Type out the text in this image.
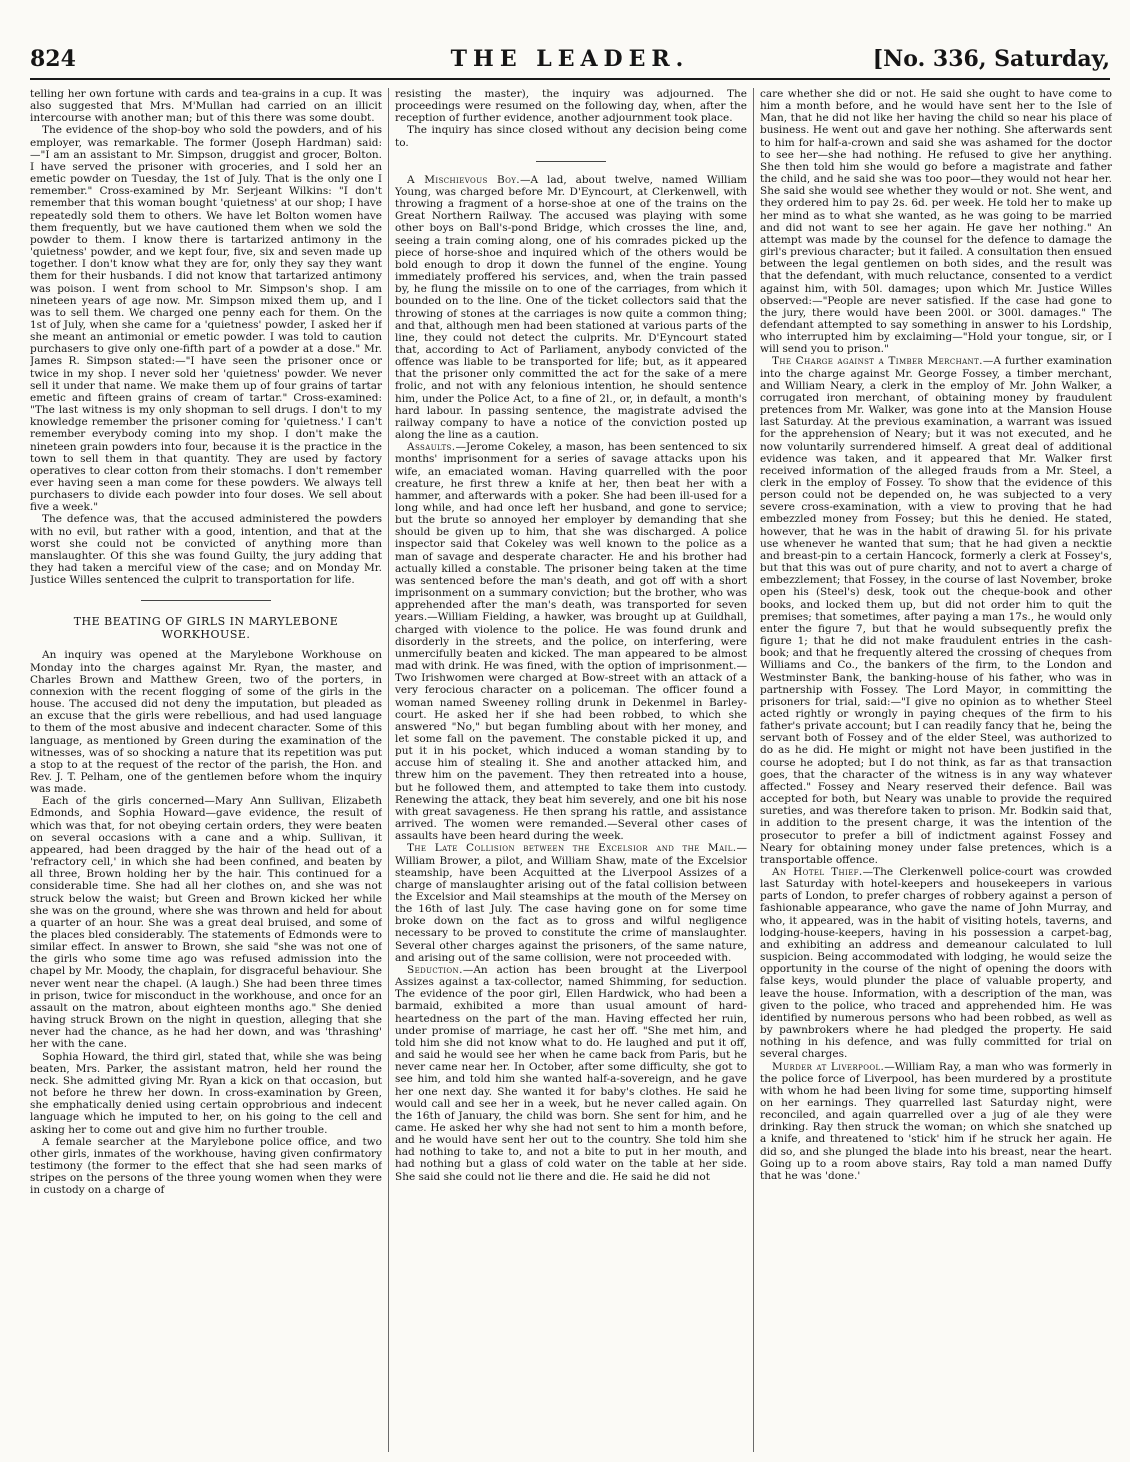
THE LEADER.
824	[No. 336, Saturday,

telling her own fortune with cards and tea-grains in a cup. It was also suggested that Mrs. M'Mullan had carried on an illicit intercourse with another man; but of this there was some doubt.

The evidence of the shop-boy who sold the powders, and of his employer, was remarkable. The former (Joseph Hardman) said:—"I am an assistant to Mr. Simpson, druggist and grocer, Bolton. I have served the prisoner with groceries, and I sold her an emetic powder on Tuesday, the 1st of July. That is the only one I remember." Cross-examined by Mr. Serjeant Wilkins: "I don't remember that this woman bought 'quietness' at our shop; I have repeatedly sold them to others. We have let Bolton women have them frequently, but we have cautioned them when we sold the powder to them. I know there is tartarized antimony in the 'quietness' powder, and we kept four, five, six and seven made up together. I don't know what they are for, only they say they want them for their husbands. I did not know that tartarized antimony was poison. I went from school to Mr. Simpson's shop. I am nineteen years of age now. Mr. Simpson mixed them up, and I was to sell them. We charged one penny each for them. On the 1st of July, when she came for a 'quietness' powder, I asked her if she meant an antimonial or emetic powder. I was told to caution purchasers to give only one-fifth part of a powder at a dose." Mr. James R. Simpson stated:—"I have seen the prisoner once or twice in my shop. I never sold her 'quietness' powder. We never sell it under that name. We make them up of four grains of tartar emetic and fifteen grains of cream of tartar." Cross-examined: "The last witness is my only shopman to sell drugs. I don't to my knowledge remember the prisoner coming for 'quietness.' I can't remember everybody coming into my shop. I don't make the nineteen grain powders into four, because it is the practice in the town to sell them in that quantity. They are used by factory operatives to clear cotton from their stomachs. I don't remember ever having seen a man come for these powders. We always tell purchasers to divide each powder into four doses. We sell about five a week."

The defence was, that the accused administered the powders with no evil, but rather with a good, intention, and that at the worst she could not be convicted of anything more than manslaughter. Of this she was found Guilty, the jury adding that they had taken a merciful view of the case; and on Monday Mr. Justice Willes sentenced the culprit to transportation for life.

THE BEATING OF GIRLS IN MARYLEBONE WORKHOUSE.

An inquiry was opened at the Marylebone Workhouse on Monday into the charges against Mr. Ryan, the master, and Charles Brown and Matthew Green, two of the porters, in connexion with the recent flogging of some of the girls in the house. The accused did not deny the imputation, but pleaded as an excuse that the girls were rebellious, and had used language to them of the most abusive and indecent character. Some of this language, as mentioned by Green during the examination of the witnesses, was of so shocking a nature that its repetition was put a stop to at the request of the rector of the parish, the Hon. and Rev. J. T. Pelham, one of the gentlemen before whom the inquiry was made.

Each of the girls concerned—Mary Ann Sullivan, Elizabeth Edmonds, and Sophia Howard—gave evidence, the result of which was that, for not obeying certain orders, they were beaten on several occasions with a cane and a whip. Sullivan, it appeared, had been dragged by the hair of the head out of a 'refractory cell,' in which she had been confined, and beaten by all three, Brown holding her by the hair. This continued for a considerable time. She had all her clothes on, and she was not struck below the waist; but Green and Brown kicked her while she was on the ground, where she was thrown and held for about a quarter of an hour. She was a great deal bruised, and some of the places bled considerably. The statements of Edmonds were to similar effect. In answer to Brown, she said "she was not one of the girls who some time ago was refused admission into the chapel by Mr. Moody, the chaplain, for disgraceful behaviour. She never went near the chapel. (A laugh.) She had been three times in prison, twice for misconduct in the workhouse, and once for an assault on the matron, about eighteen months ago." She denied having struck Brown on the night in question, alleging that she never had the chance, as he had her down, and was 'thrashing' her with the cane.

Sophia Howard, the third girl, stated that, while she was being beaten, Mrs. Parker, the assistant matron, held her round the neck. She admitted giving Mr. Ryan a kick on that occasion, but not before he threw her down. In cross-examination by Green, she emphatically denied using certain opprobrious and indecent language which he imputed to her, on his going to the cell and asking her to come out and give him no further trouble.

A female searcher at the Marylebone police office, and two other girls, inmates of the workhouse, having given confirmatory testimony (the former to the effect that she had seen marks of stripes on the persons of the three young women when they were in custody on a charge of

resisting the master), the inquiry was adjourned. The proceedings were resumed on the following day, when, after the reception of further evidence, another adjournment took place.

The inquiry has since closed without any decision being come to.

A Mischievous Boy.—A lad, about twelve, named William Young, was charged before Mr. D'Eyncourt, at Clerkenwell, with throwing a fragment of a horse-shoe at one of the trains on the Great Northern Railway. The accused was playing with some other boys on Ball's-pond Bridge, which crosses the line, and, seeing a train coming along, one of his comrades picked up the piece of horse-shoe and inquired which of the others would be bold enough to drop it down the funnel of the engine. Young immediately proffered his services, and, when the train passed by, he flung the missile on to one of the carriages, from which it bounded on to the line. One of the ticket collectors said that the throwing of stones at the carriages is now quite a common thing; and that, although men had been stationed at various parts of the line, they could not detect the culprits. Mr. D'Eyncourt stated that, according to Act of Parliament, anybody convicted of the offence was liable to be transported for life; but, as it appeared that the prisoner only committed the act for the sake of a mere frolic, and not with any felonious intention, he should sentence him, under the Police Act, to a fine of 2l., or, in default, a month's hard labour. In passing sentence, the magistrate advised the railway company to have a notice of the conviction posted up along the line as a caution.

Assaults.—Jerome Cokeley, a mason, has been sentenced to six months' imprisonment for a series of savage attacks upon his wife, an emaciated woman. Having quarrelled with the poor creature, he first threw a knife at her, then beat her with a hammer, and afterwards with a poker. She had been ill-used for a long while, and had once left her husband, and gone to service; but the brute so annoyed her employer by demanding that she should be given up to him, that she was discharged. A police inspector said that Cokeley was well known to the police as a man of savage and desperate character. He and his brother had actually killed a constable. The prisoner being taken at the time was sentenced before the man's death, and got off with a short imprisonment on a summary conviction; but the brother, who was apprehended after the man's death, was transported for seven years.—William Fielding, a hawker, was brought up at Guildhall, charged with violence to the police. He was found drunk and disorderly in the streets, and the police, on interfering, were unmercifully beaten and kicked. The man appeared to be almost mad with drink. He was fined, with the option of imprisonment.—Two Irishwomen were charged at Bow-street with an attack of a very ferocious character on a policeman. The officer found a woman named Sweeney rolling drunk in Dekenmel in Barley-court. He asked her if she had been robbed, to which she answered "No," but began fumbling about with her money, and let some fall on the pavement. The constable picked it up, and put it in his pocket, which induced a woman standing by to accuse him of stealing it. She and another attacked him, and threw him on the pavement. They then retreated into a house, but he followed them, and attempted to take them into custody. Renewing the attack, they beat him severely, and one bit his nose with great savageness. He then sprang his rattle, and assistance arrived. The women were remanded.—Several other cases of assaults have been heard during the week.

The Late Collision between the Excelsior and the Mail.—William Brower, a pilot, and William Shaw, mate of the Excelsior steamship, have been Acquitted at the Liverpool Assizes of a charge of manslaughter arising out of the fatal collision between the Excelsior and Mail steamships at the mouth of the Mersey on the 16th of last July. The case having gone on for some time broke down on the fact as to gross and wilful negligence necessary to be proved to constitute the crime of manslaughter. Several other charges against the prisoners, of the same nature, and arising out of the same collision, were not proceeded with.

Seduction.—An action has been brought at the Liverpool Assizes against a tax-collector, named Shimming, for seduction. The evidence of the poor girl, Ellen Hardwick, who had been a barmaid, exhibited a more than usual amount of hard-heartedness on the part of the man. Having effected her ruin, under promise of marriage, he cast her off. "She met him, and told him she did not know what to do. He laughed and put it off, and said he would see her when he came back from Paris, but he never came near her. In October, after some difficulty, she got to see him, and told him she wanted half-a-sovereign, and he gave her one next day. She wanted it for baby's clothes. He said he would call and see her in a week, but he never called again. On the 16th of January, the child was born. She sent for him, and he came. He asked her why she had not sent to him a month before, and he would have sent her out to the country. She told him she had nothing to take to, and not a bite to put in her mouth, and had nothing but a glass of cold water on the table at her side. She said she could not lie there and die. He said he did not

care whether she did or not. He said she ought to have come to him a month before, and he would have sent her to the Isle of Man, that he did not like her having the child so near his place of business. He went out and gave her nothing. She afterwards sent to him for half-a-crown and said she was ashamed for the doctor to see her—she had nothing. He refused to give her anything. She then told him she would go before a magistrate and father the child, and he said she was too poor—they would not hear her. She said she would see whether they would or not. She went, and they ordered him to pay 2s. 6d. per week. He told her to make up her mind as to what she wanted, as he was going to be married and did not want to see her again. He gave her nothing." An attempt was made by the counsel for the defence to damage the girl's previous character; but it failed. A consultation then ensued between the legal gentlemen on both sides, and the result was that the defendant, with much reluctance, consented to a verdict against him, with 50l. damages; upon which Mr. Justice Willes observed:—"People are never satisfied. If the case had gone to the jury, there would have been 200l. or 300l. damages." The defendant attempted to say something in answer to his Lordship, who interrupted him by exclaiming—"Hold your tongue, sir, or I will send you to prison."

The Charge against a Timber Merchant.—A further examination into the charge against Mr. George Fossey, a timber merchant, and William Neary, a clerk in the employ of Mr. John Walker, a corrugated iron merchant, of obtaining money by fraudulent pretences from Mr. Walker, was gone into at the Mansion House last Saturday. At the previous examination, a warrant was issued for the apprehension of Neary; but it was not executed, and he now voluntarily surrendered himself. A great deal of additional evidence was taken, and it appeared that Mr. Walker first received information of the alleged frauds from a Mr. Steel, a clerk in the employ of Fossey. To show that the evidence of this person could not be depended on, he was subjected to a very severe cross-examination, with a view to proving that he had embezzled money from Fossey; but this he denied. He stated, however, that he was in the habit of drawing 5l. for his private use whenever he wanted that sum; that he had given a necktie and breast-pin to a certain Hancock, formerly a clerk at Fossey's, but that this was out of pure charity, and not to avert a charge of embezzlement; that Fossey, in the course of last November, broke open his (Steel's) desk, took out the cheque-book and other books, and locked them up, but did not order him to quit the premises; that sometimes, after paying a man 17s., he would only enter the figure 7, but that he would subsequently prefix the figure 1; that he did not make fraudulent entries in the cash-book; and that he frequently altered the crossing of cheques from Williams and Co., the bankers of the firm, to the London and Westminster Bank, the banking-house of his father, who was in partnership with Fossey. The Lord Mayor, in committing the prisoners for trial, said:—"I give no opinion as to whether Steel acted rightly or wrongly in paying cheques of the firm to his father's private account; but I can readily fancy that he, being the servant both of Fossey and of the elder Steel, was authorized to do as he did. He might or might not have been justified in the course he adopted; but I do not think, as far as that transaction goes, that the character of the witness is in any way whatever affected." Fossey and Neary reserved their defence. Bail was accepted for both, but Neary was unable to provide the required sureties, and was therefore taken to prison. Mr. Bodkin said that, in addition to the present charge, it was the intention of the prosecutor to prefer a bill of indictment against Fossey and Neary for obtaining money under false pretences, which is a transportable offence.

An Hotel Thief.—The Clerkenwell police-court was crowded last Saturday with hotel-keepers and housekeepers in various parts of London, to prefer charges of robbery against a person of fashionable appearance, who gave the name of John Murray, and who, it appeared, was in the habit of visiting hotels, taverns, and lodging-house-keepers, having in his possession a carpet-bag, and exhibiting an address and demeanour calculated to lull suspicion. Being accommodated with lodging, he would seize the opportunity in the course of the night of opening the doors with false keys, would plunder the place of valuable property, and leave the house. Information, with a description of the man, was given to the police, who traced and apprehended him. He was identified by numerous persons who had been robbed, as well as by pawnbrokers where he had pledged the property. He said nothing in his defence, and was fully committed for trial on several charges.

Murder at Liverpool.—William Ray, a man who was formerly in the police force of Liverpool, has been murdered by a prostitute with whom he had been living for some time, supporting himself on her earnings. They quarrelled last Saturday night, were reconciled, and again quarrelled over a jug of ale they were drinking. Ray then struck the woman; on which she snatched up a knife, and threatened to 'stick' him if he struck her again. He did so, and she plunged the blade into his breast, near the heart. Going up to a room above stairs, Ray told a man named Duffy that he was 'done.'
